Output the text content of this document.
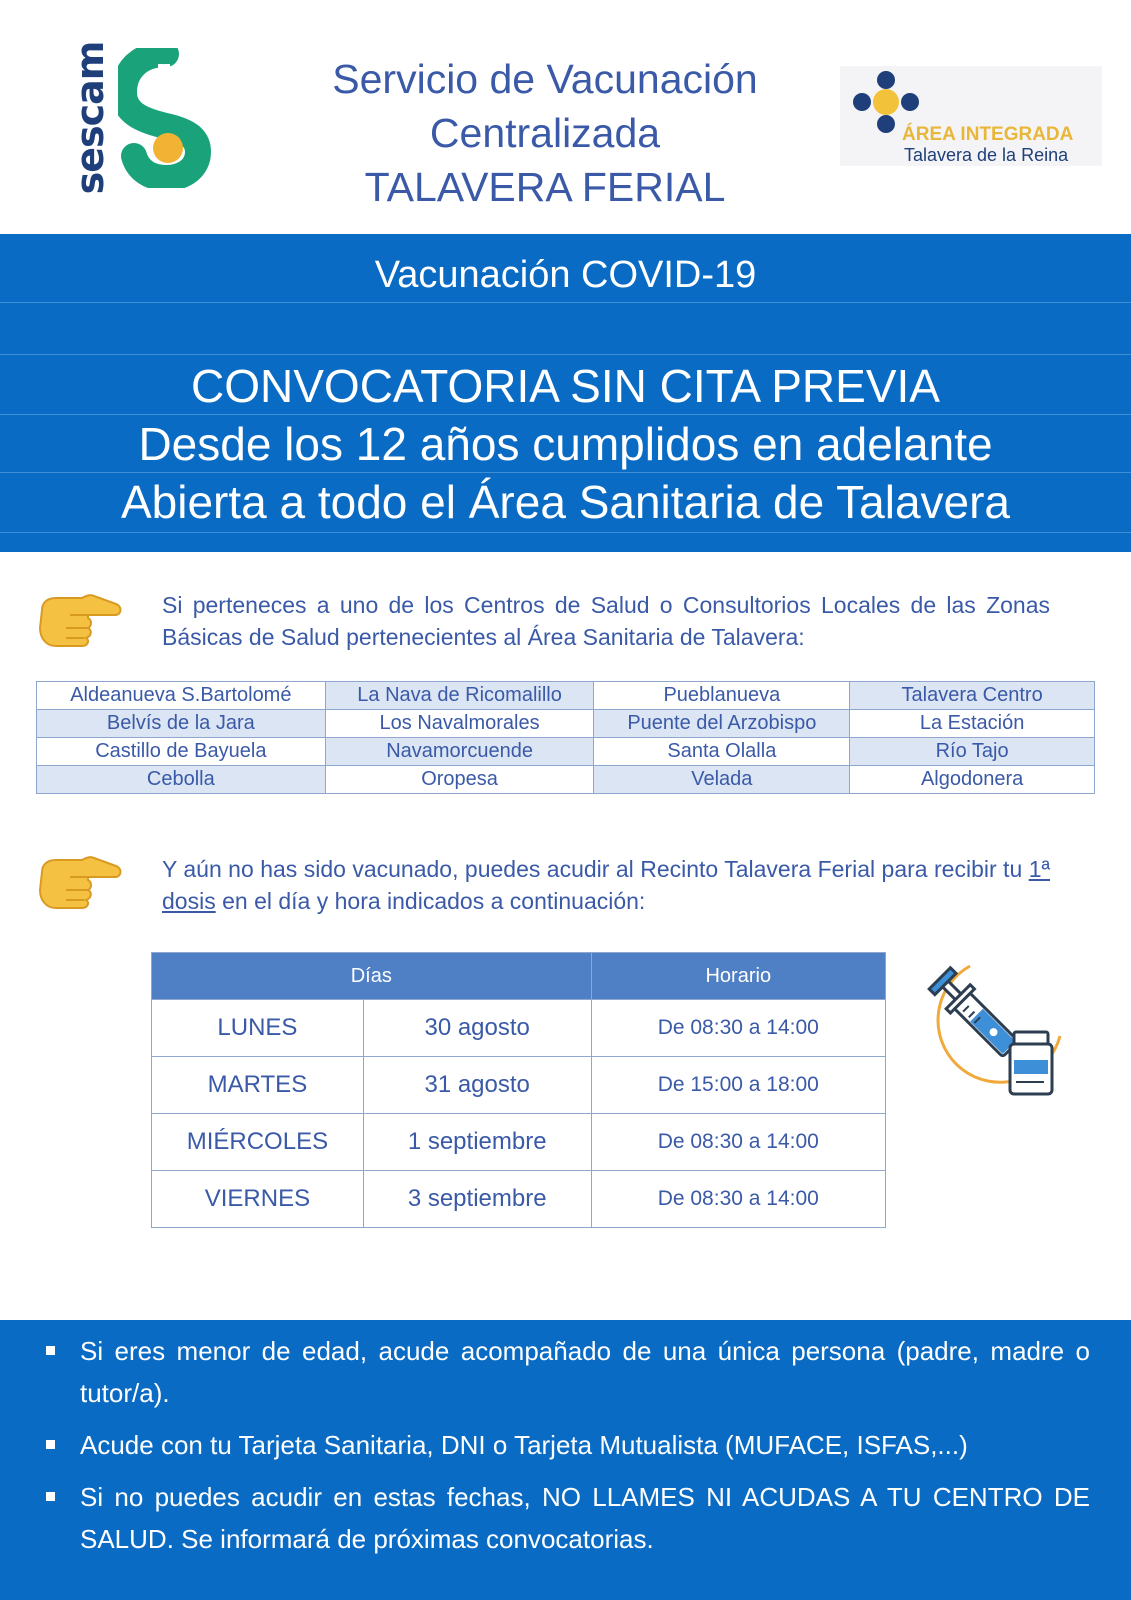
sescam	Servicio de Vacunación
Centralizada
TALAVERA FERIAL
ÁREA INTEGRADA
Talavera de la Reina
Vacunación COVID-19
CONVOCATORIA SIN CITA PREVIA
Desde los 12 años cumplidos en adelante
Abierta a todo el Área Sanitaria de Talavera
Si perteneces a uno de los Centros de Salud o Consultorios Locales de las Zonas Básicas de Salud pertenecientes al Área Sanitaria de Talavera:
Aldeanueva S.Bartolomé	La Nava de Ricomalillo	Pueblanueva	Talavera Centro
Belvís de la Jara	Los Navalmorales	Puente del Arzobispo	La Estación
Castillo de Bayuela	Navamorcuende	Santa Olalla	Río Tajo
Cebolla	Oropesa	Velada	Algodonera
Y aún no has sido vacunado, puedes acudir al Recinto Talavera Ferial para recibir tu 1ª dosis en el día y hora indicados a continuación:
Días		Horario
LUNES	30 agosto	De 08:30 a 14:00
MARTES	31 agosto	De 15:00 a 18:00
MIÉRCOLES	1 septiembre	De 08:30 a 14:00
VIERNES	3 septiembre	De 08:30 a 14:00
Si eres menor de edad, acude acompañado de una única persona (padre, madre o tutor/a).
Acude con tu Tarjeta Sanitaria, DNI o Tarjeta Mutualista (MUFACE, ISFAS,...)
Si no puedes acudir en estas fechas, NO LLAMES NI ACUDAS A TU CENTRO DE SALUD. Se informará de próximas convocatorias.
